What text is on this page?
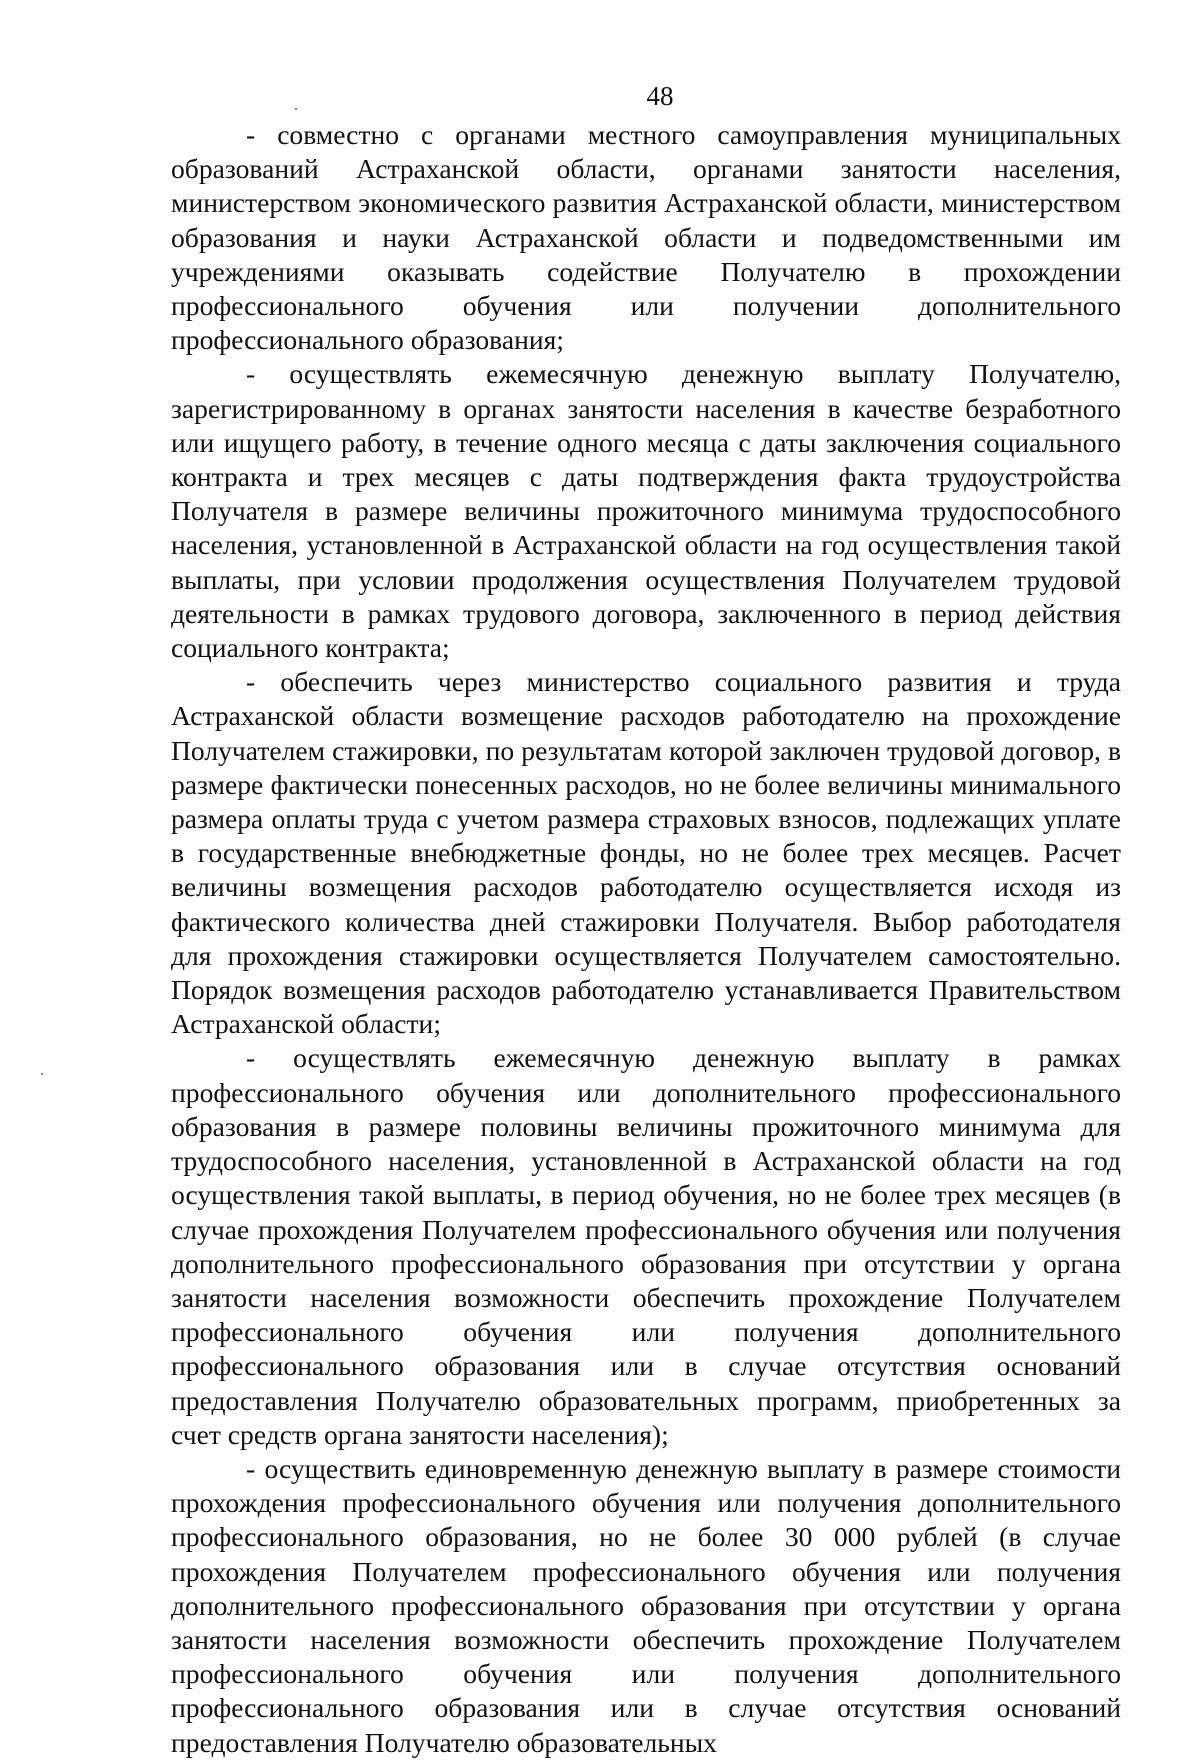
48

- совместно с органами местного самоуправления муниципальных образований Астраханской области, органами занятости населения, министерством экономического развития Астраханской области, министерством образования и науки Астраханской области и подведомственными им учреждениями оказывать содействие Получателю в прохождении профессионального обучения или получении дополнительного профессионального образования;

- осуществлять ежемесячную денежную выплату Получателю, зарегистрированному в органах занятости населения в качестве безработного или ищущего работу, в течение одного месяца с даты заключения социального контракта и трех месяцев с даты подтверждения факта трудоустройства Получателя в размере величины прожиточного минимума трудоспособного населения, установленной в Астраханской области на год осуществления такой выплаты, при условии продолжения осуществления Получателем трудовой деятельности в рамках трудового договора, заключенного в период действия социального контракта;

- обеспечить через министерство социального развития и труда Астраханской области возмещение расходов работодателю на прохождение Получателем стажировки, по результатам которой заключен трудовой договор, в размере фактически понесенных расходов, но не более величины минимального размера оплаты труда с учетом размера страховых взносов, подлежащих уплате в государственные внебюджетные фонды, но не более трех месяцев. Расчет величины возмещения расходов работодателю осуществляется исходя из фактического количества дней стажировки Получателя. Выбор работодателя для прохождения стажировки осуществляется Получателем самостоятельно. Порядок возмещения расходов работодателю устанавливается Правительством Астраханской области;

- осуществлять ежемесячную денежную выплату в рамках профессионального обучения или дополнительного профессионального образования в размере половины величины прожиточного минимума для трудоспособного населения, установленной в Астраханской области на год осуществления такой выплаты, в период обучения, но не более трех месяцев (в случае прохождения Получателем профессионального обучения или получения дополнительного профессионального образования при отсутствии у органа занятости населения возможности обеспечить прохождение Получателем профессионального обучения или получения дополнительного профессионального образования или в случае отсутствия оснований предоставления Получателю образовательных программ, приобретенных за счет средств органа занятости населения);

- осуществить единовременную денежную выплату в размере стоимости прохождения профессионального обучения или получения дополнительного профессионального образования, но не более 30 000 рублей (в случае прохождения Получателем профессионального обучения или получения дополнительного профессионального образования при отсутствии у органа занятости населения возможности обеспечить прохождение Получателем профессионального обучения или получения дополнительного профессионального образования или в случае отсутствия оснований предоставления Получателю образовательных
